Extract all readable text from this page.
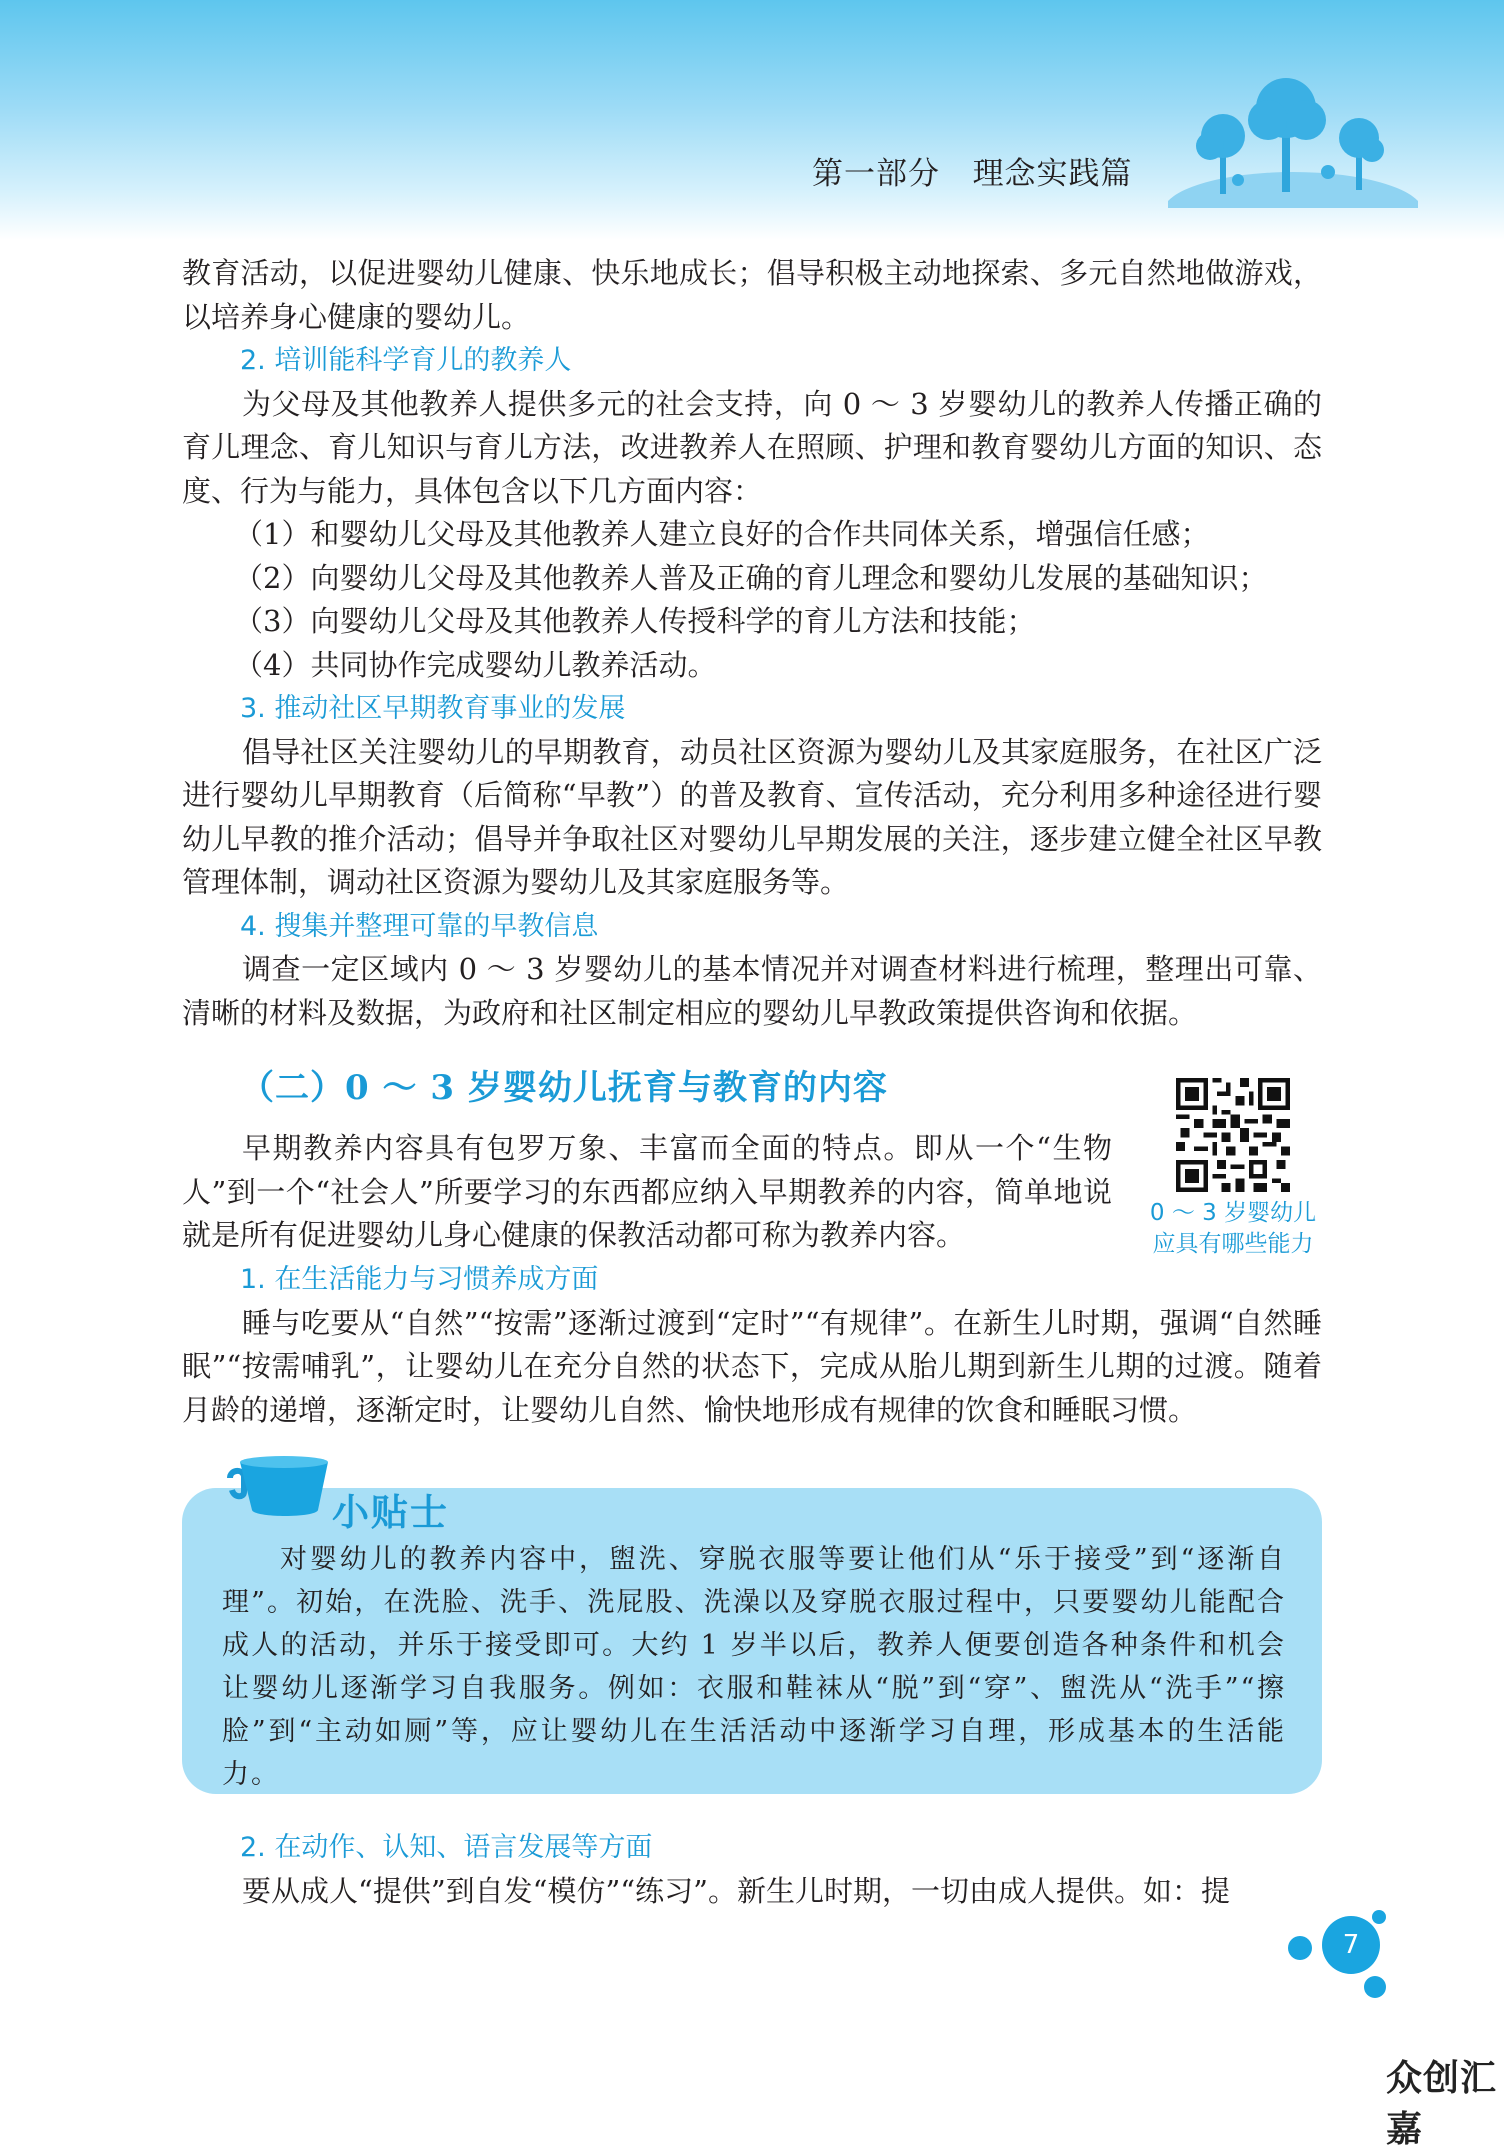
第一部分 理念实践篇

教育活动，以促进婴幼儿健康、快乐地成长；倡导积极主动地探索、多元自然地做游戏，以培养身心健康的婴幼儿。

2. 培训能科学育儿的教养人

为父母及其他教养人提供多元的社会支持，向 0 ～ 3 岁婴幼儿的教养人传播正确的育儿理念、育儿知识与育儿方法，改进教养人在照顾、护理和教育婴幼儿方面的知识、态度、行为与能力，具体包含以下几方面内容：

（1）和婴幼儿父母及其他教养人建立良好的合作共同体关系，增强信任感；

（2）向婴幼儿父母及其他教养人普及正确的育儿理念和婴幼儿发展的基础知识；

（3）向婴幼儿父母及其他教养人传授科学的育儿方法和技能；

（4）共同协作完成婴幼儿教养活动。

3. 推动社区早期教育事业的发展

倡导社区关注婴幼儿的早期教育，动员社区资源为婴幼儿及其家庭服务，在社区广泛进行婴幼儿早期教育（后简称“早教”）的普及教育、宣传活动，充分利用多种途径进行婴幼儿早教的推介活动；倡导并争取社区对婴幼儿早期发展的关注，逐步建立健全社区早教管理体制，调动社区资源为婴幼儿及其家庭服务等。

4. 搜集并整理可靠的早教信息

调查一定区域内 0 ～ 3 岁婴幼儿的基本情况并对调查材料进行梳理，整理出可靠、清晰的材料及数据，为政府和社区制定相应的婴幼儿早教政策提供咨询和依据。

（二）0 ～ 3 岁婴幼儿抚育与教育的内容
0 ～ 3 岁婴幼儿
应具有哪些能力

早期教养内容具有包罗万象、丰富而全面的特点。即从一个“生物人”到一个“社会人”所要学习的东西都应纳入早期教养的内容，简单地说就是所有促进婴幼儿身心健康的保教活动都可称为教养内容。

1. 在生活能力与习惯养成方面

睡与吃要从“自然”“按需”逐渐过渡到“定时”“有规律”。在新生儿时期，强调“自然睡眠”“按需哺乳”，让婴幼儿在充分自然的状态下，完成从胎儿期到新生儿期的过渡。随着月龄的递增，逐渐定时，让婴幼儿自然、愉快地形成有规律的饮食和睡眠习惯。

小贴士

对婴幼儿的教养内容中，盥洗、穿脱衣服等要让他们从“乐于接受”到“逐渐自理”。初始，在洗脸、洗手、洗屁股、洗澡以及穿脱衣服过程中，只要婴幼儿能配合成人的活动，并乐于接受即可。大约 1 岁半以后，教养人便要创造各种条件和机会让婴幼儿逐渐学习自我服务。例如：衣服和鞋袜从“脱”到“穿”、盥洗从“洗手”“擦脸”到“主动如厕”等，应让婴幼儿在生活活动中逐渐学习自理，形成基本的生活能力。

2. 在动作、认知、语言发展等方面

要从成人“提供”到自发“模仿”“练习”。新生儿时期，一切由成人提供。如：提

7
众创汇嘉
